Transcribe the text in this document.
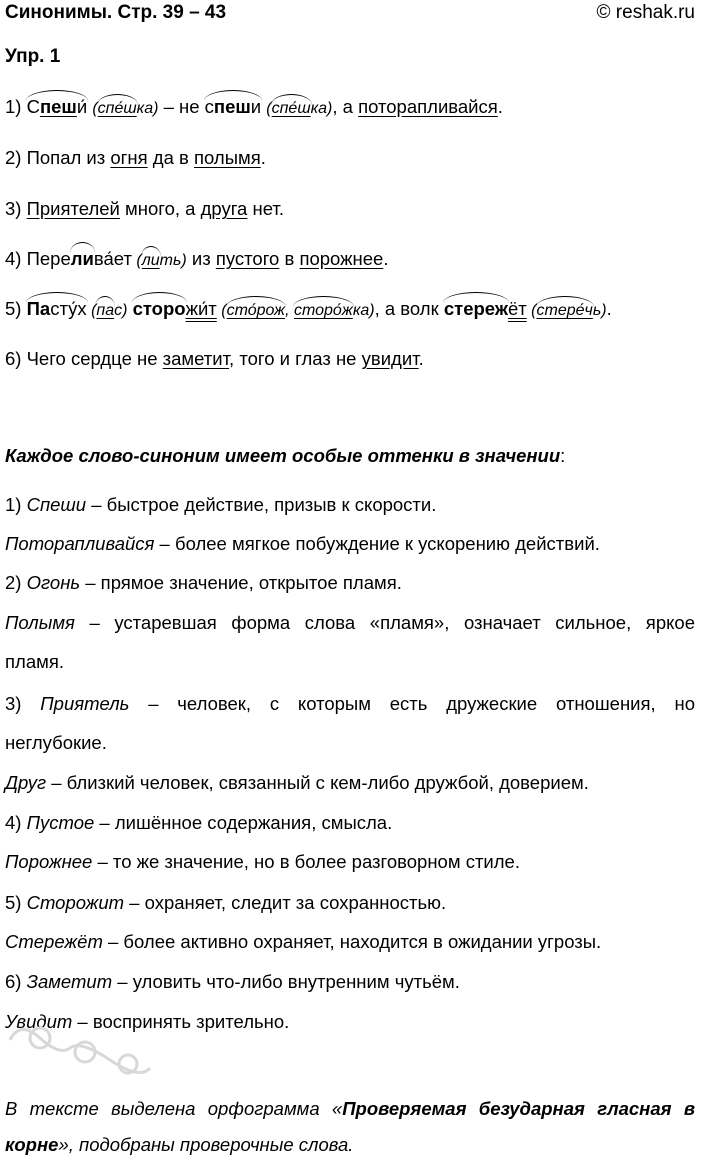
Синонимы. Стр. 39 – 43	© reshak.ru
Упр. 1
1) Спеши́ (спе́шка) – не спеши (спе́шка), а поторапливайся.
2) Попал из огня да в полымя.
3) Приятелей много, а друга нет.
4) Перелива́ет (лить) из пустого в порожнее.
5) Пасту́х (пас) сторожи́т (сто́рож, сторо́жка), а волк стережёт (стере́чь).
6) Чего сердце не заметит, того и глаз не увидит.
Каждое слово-синоним имеет особые оттенки в значении:
1) Спеши – быстрое действие, призыв к скорости.
Поторапливайся – более мягкое побуждение к ускорению действий.
2) Огонь – прямое значение, открытое пламя.
Полымя – устаревшая форма слова «пламя», означает сильное, яркое
пламя.
3) Приятель – человек, с которым есть дружеские отношения, но
неглубокие.
Друг – близкий человек, связанный с кем-либо дружбой, доверием.
4) Пустое – лишённое содержания, смысла.
Порожнее – то же значение, но в более разговорном стиле.
5) Сторожит – охраняет, следит за сохранностью.
Стережёт – более активно охраняет, находится в ожидании угрозы.
6) Заметит – уловить что-либо внутренним чутьём.
Увидит – воспринять зрительно.
В тексте выделена орфограмма «Проверяемая безударная гласная в корне», подобраны проверочные слова.
